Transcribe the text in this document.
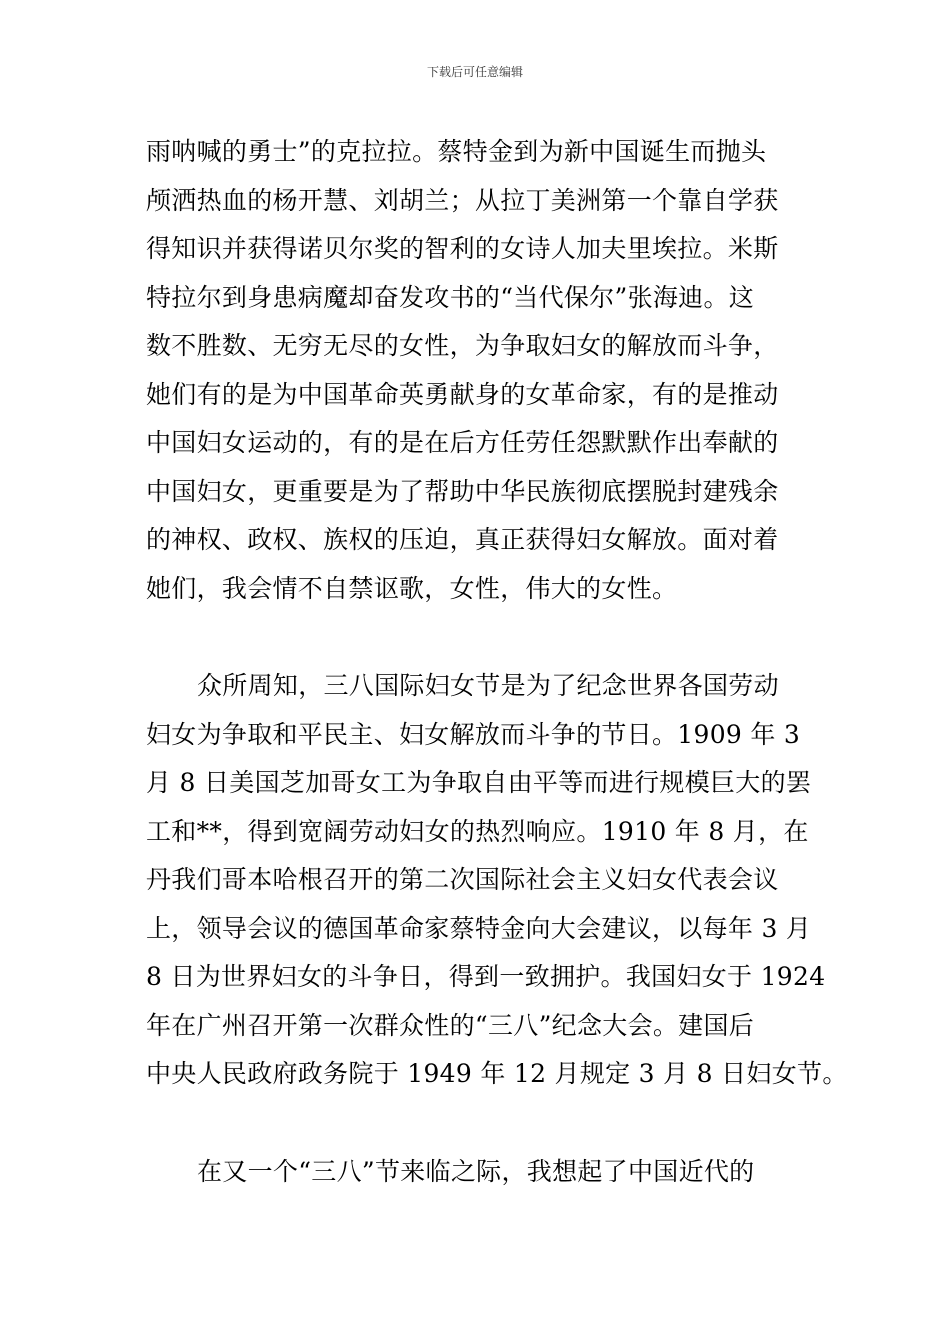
下载后可任意编辑
雨呐喊的勇士”的克拉拉。蔡特金到为新中国诞生而抛头
颅洒热血的杨开慧、刘胡兰；从拉丁美洲第一个靠自学获
得知识并获得诺贝尔奖的智利的女诗人加夫里埃拉。米斯
特拉尔到身患病魔却奋发攻书的“当代保尔”张海迪。这
数不胜数、无穷无尽的女性，为争取妇女的解放而斗争，
她们有的是为中国革命英勇献身的女革命家，有的是推动
中国妇女运动的，有的是在后方任劳任怨默默作出奉献的
中国妇女，更重要是为了帮助中华民族彻底摆脱封建残余
的神权、政权、族权的压迫，真正获得妇女解放。面对着
她们，我会情不自禁讴歌，女性，伟大的女性。
众所周知，三八国际妇女节是为了纪念世界各国劳动
妇女为争取和平民主、妇女解放而斗争的节日。1909 年 3
月 8 日美国芝加哥女工为争取自由平等而进行规模巨大的罢
工和**，得到宽阔劳动妇女的热烈响应。1910 年 8 月，在
丹我们哥本哈根召开的第二次国际社会主义妇女代表会议
上，领导会议的德国革命家蔡特金向大会建议，以每年 3 月
8 日为世界妇女的斗争日，得到一致拥护。我国妇女于 1924
年在广州召开第一次群众性的“三八”纪念大会。建国后
中央人民政府政务院于 1949 年 12 月规定 3 月 8 日妇女节。
在又一个“三八”节来临之际，我想起了中国近代的
